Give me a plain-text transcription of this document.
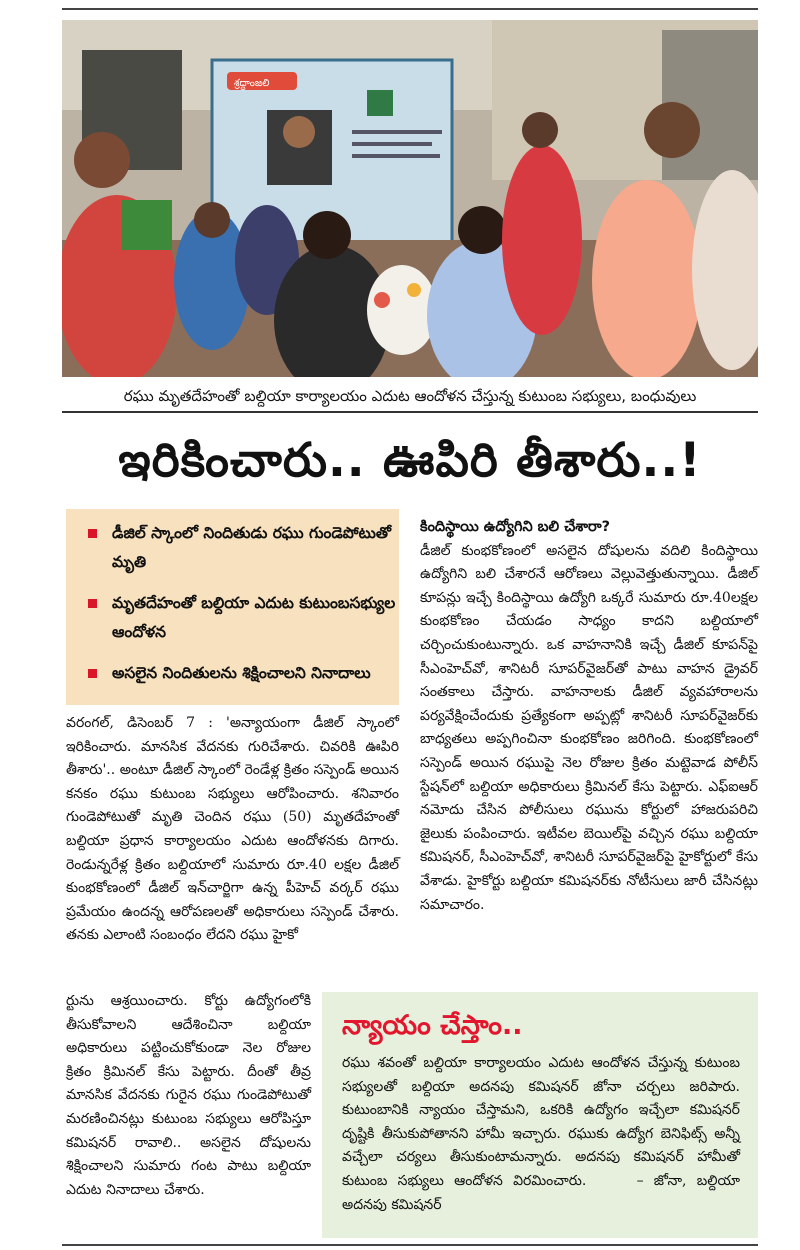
శ్రద్ధాంజలి
రఘు మృతదేహంతో బల్దియా కార్యాలయం ఎదుట ఆందోళన చేస్తున్న కుటుంబ సభ్యులు, బంధువులు
ఇరికించారు.. ఊపిరి తీశారు..!
డీజిల్ స్కాంలో నిందితుడు రఘు గుండెపోటుతో మృతి
మృతదేహంతో బల్దియా ఎదుట కుటుంబసభ్యుల ఆందోళన
అసలైన నిందితులను శిక్షించాలని నినాదాలు

వరంగల్, డిసెంబర్ 7 : 'అన్యాయంగా డీజిల్ స్కాంలో ఇరికించారు. మానసిక వేదనకు గురిచేశారు. చివరికి ఊపిరి తీశారు'.. అంటూ డీజిల్ స్కాంలో రెండేళ్ల క్రితం సస్పెండ్ అయిన కనకం రఘు కుటుంబ సభ్యులు ఆరోపించారు. శనివారం గుండెపోటుతో మృతి చెందిన రఘు (50) మృతదేహంతో బల్దియా ప్రధాన కార్యాలయం ఎదుట ఆందోళనకు దిగారు. రెండున్నరేళ్ల క్రితం బల్దియాలో సుమారు రూ.40 లక్షల డీజిల్ కుంభకోణంలో డీజిల్ ఇన్‌చార్జిగా ఉన్న పీహెచ్ వర్కర్ రఘు ప్రమేయం ఉందన్న ఆరోపణలతో అధికారులు సస్పెండ్ చేశారు. తనకు ఎలాంటి సంబంధం లేదని రఘు హైకో

ర్టును ఆశ్రయించారు. కోర్టు ఉద్యోగంలోకి తీసుకోవాలని ఆదేశించినా బల్దియా అధికారులు పట్టించుకోకుండా నెల రోజుల క్రితం క్రిమినల్ కేసు పెట్టారు. దీంతో తీవ్ర మానసిక వేదనకు గురైన రఘు గుండెపోటుతో మరణించినట్లు కుటుంబ సభ్యులు ఆరోపిస్తూ కమిషనర్ రావాలి.. అసలైన దోషులను శిక్షించాలని సుమారు గంట పాటు బల్దియా ఎదుట నినాదాలు చేశారు.

కిందిస్థాయి ఉద్యోగిని బలి చేశారా?

డీజిల్ కుంభకోణంలో అసలైన దోషులను వదిలి కిందిస్థాయి ఉద్యోగిని బలి చేశారనే ఆరోణలు వెల్లువెత్తుతున్నాయి. డీజిల్ కూపన్లు ఇచ్చే కిందిస్థాయి ఉద్యోగి ఒక్కరే సుమారు రూ.40లక్షల కుంభకోణం చేయడం సాధ్యం కాదని బల్దియాలో చర్చించుకుంటున్నారు. ఒక వాహనానికి ఇచ్చే డీజిల్ కూపన్‌పై సీఎంహెచ్‌వో, శానిటరీ సూపర్‌వైజర్‌తో పాటు వాహన డ్రైవర్ సంతకాలు చేస్తారు. వాహనాలకు డీజిల్ వ్యవహారాలను పర్యవేక్షించేందుకు ప్రత్యేకంగా అప్పట్లో శానిటరీ సూపర్‌వైజర్‌కు బాధ్యతలు అప్పగించినా కుంభకోణం జరిగింది. కుంభకోణంలో సస్పెండ్ అయిన రఘుపై నెల రోజుల క్రితం మట్టెవాడ పోలీస్ స్టేషన్‌లో బల్దియా అధికారులు క్రిమినల్ కేసు పెట్టారు. ఎఫ్ఐఆర్ నమోదు చేసిన పోలీసులు రఘును కోర్టులో హాజరుపరిచి జైలుకు పంపించారు. ఇటీవల బెయిల్‌పై వచ్చిన రఘు బల్దియా కమిషనర్, సీఎంహెచ్‌వో, శానిటరీ సూపర్‌వైజర్‌పై హైకోర్టులో కేసు వేశాడు. హైకోర్టు బల్దియా కమిషనర్‌కు నోటీసులు జారీ చేసినట్లు సమాచారం.

న్యాయం చేస్తాం..
రఘు శవంతో బల్దియా కార్యాలయం ఎదుట ఆందోళన చేస్తున్న కుటుంబ సభ్యులతో బల్దియా అదనపు కమిషనర్ జోనా చర్చలు జరిపారు. కుటుంబానికి న్యాయం చేస్తామని, ఒకరికి ఉద్యోగం ఇచ్చేలా కమిషనర్ దృష్టికి తీసుకుపోతానని హామీ ఇచ్చారు. రఘుకు ఉద్యోగ బెనిఫిట్స్ అన్నీ వచ్చేలా చర్యలు తీసుకుంటామన్నారు. అదనపు కమిషనర్ హామీతో కుటుంబ సభ్యులు ఆందోళన విరమించారు.	– జోనా, బల్దియా అదనపు కమిషనర్
